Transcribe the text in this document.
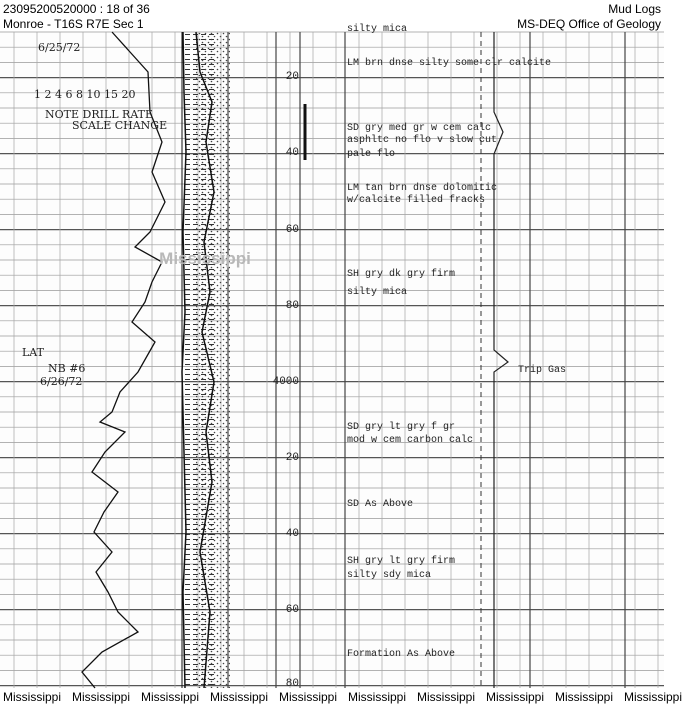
23095200520000 : 18 of 36
Monroe - T16S R7E Sec 1
Mud Logs
MS-DEQ Office of Geology
6/25/72
1 2 4 6 8 10 15 20
NOTE DRILL RATE
SCALE CHANGE
LAT
NB #6
6/26/72
20
40
60
80
4000
20
40
60
80
silty mica
LM brn dnse silty some clr calcite
SD gry med gr w cem calc
asphltc no flo v slow cut
pale flo
LM tan brn dnse dolomitic
w/calcite filled fracks
SH gry dk gry firm
silty mica
SD gry lt gry f gr
mod w cem carbon calc
SD As Above
SH gry lt gry firm
silty sdy mica
Formation As Above
Trip Gas
Mississippi
Mississippi Mississippi Mississippi Mississippi Mississippi Mississippi Mississippi Mississippi Mississippi Mississippi
